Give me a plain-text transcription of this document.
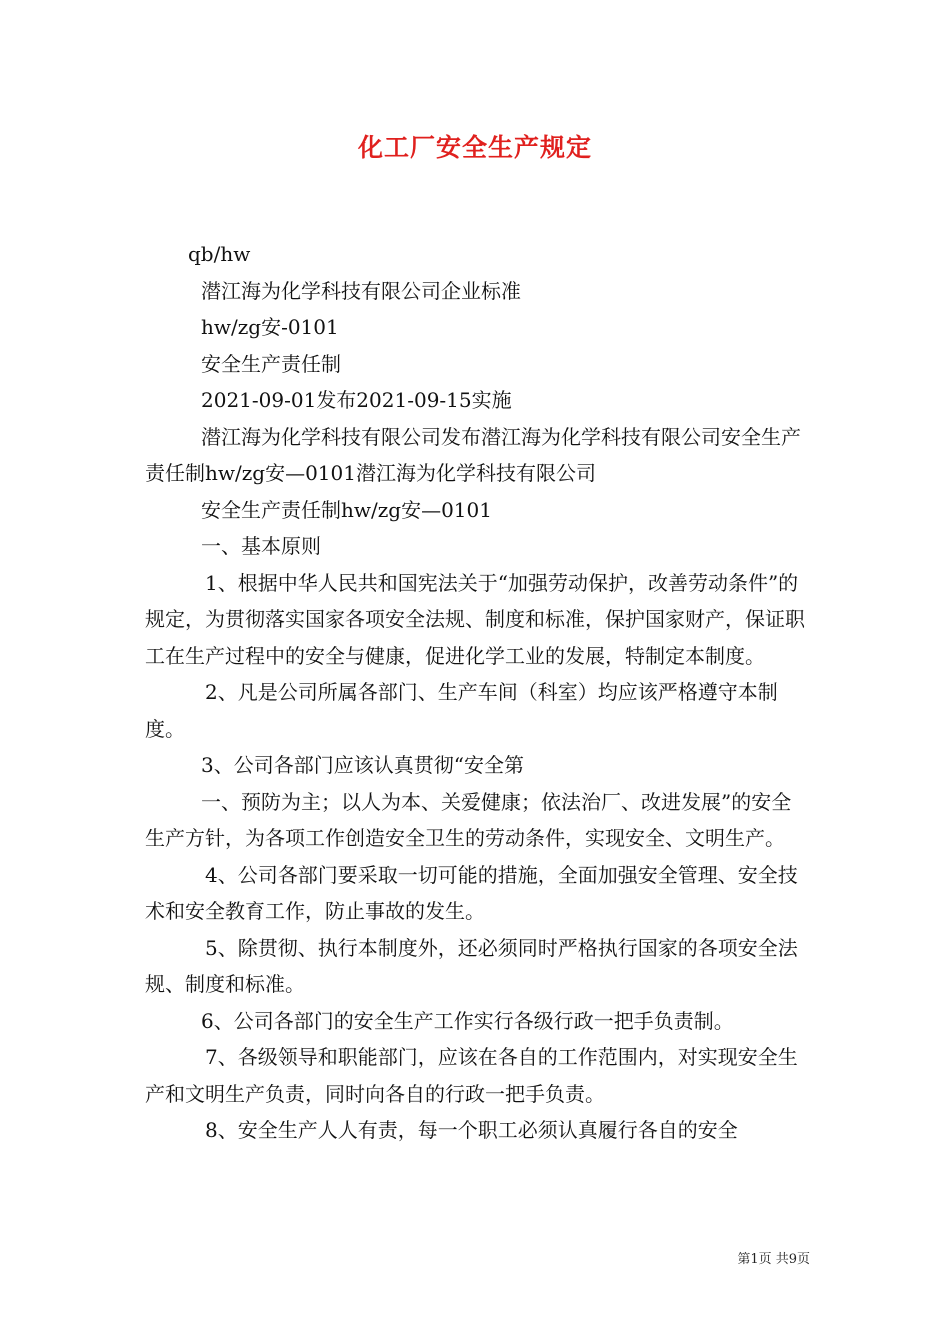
化工厂安全生产规定

qb/hw

潜江海为化学科技有限公司企业标准

hw/zg安-0101

安全生产责任制

2021-09-01发布2021-09-15实施

潜江海为化学科技有限公司发布潜江海为化学科技有限公司安全生产责任制hw/zg安—0101潜江海为化学科技有限公司

安全生产责任制hw/zg安—0101

一、基本原则

1、根据中华人民共和国宪法关于“加强劳动保护，改善劳动条件”的规定，为贯彻落实国家各项安全法规、制度和标准，保护国家财产，保证职工在生产过程中的安全与健康，促进化学工业的发展，特制定本制度。

2、凡是公司所属各部门、生产车间（科室）均应该严格遵守本制度。

3、公司各部门应该认真贯彻“安全第

一、预防为主；以人为本、关爱健康；依法治厂、改进发展”的安全生产方针，为各项工作创造安全卫生的劳动条件，实现安全、文明生产。

4、公司各部门要采取一切可能的措施，全面加强安全管理、安全技术和安全教育工作，防止事故的发生。

5、除贯彻、执行本制度外，还必须同时严格执行国家的各项安全法规、制度和标准。

6、公司各部门的安全生产工作实行各级行政一把手负责制。

7、各级领导和职能部门，应该在各自的工作范围内，对实现安全生产和文明生产负责，同时向各自的行政一把手负责。

8、安全生产人人有责，每一个职工必须认真履行各自的安全

第1页 共9页
